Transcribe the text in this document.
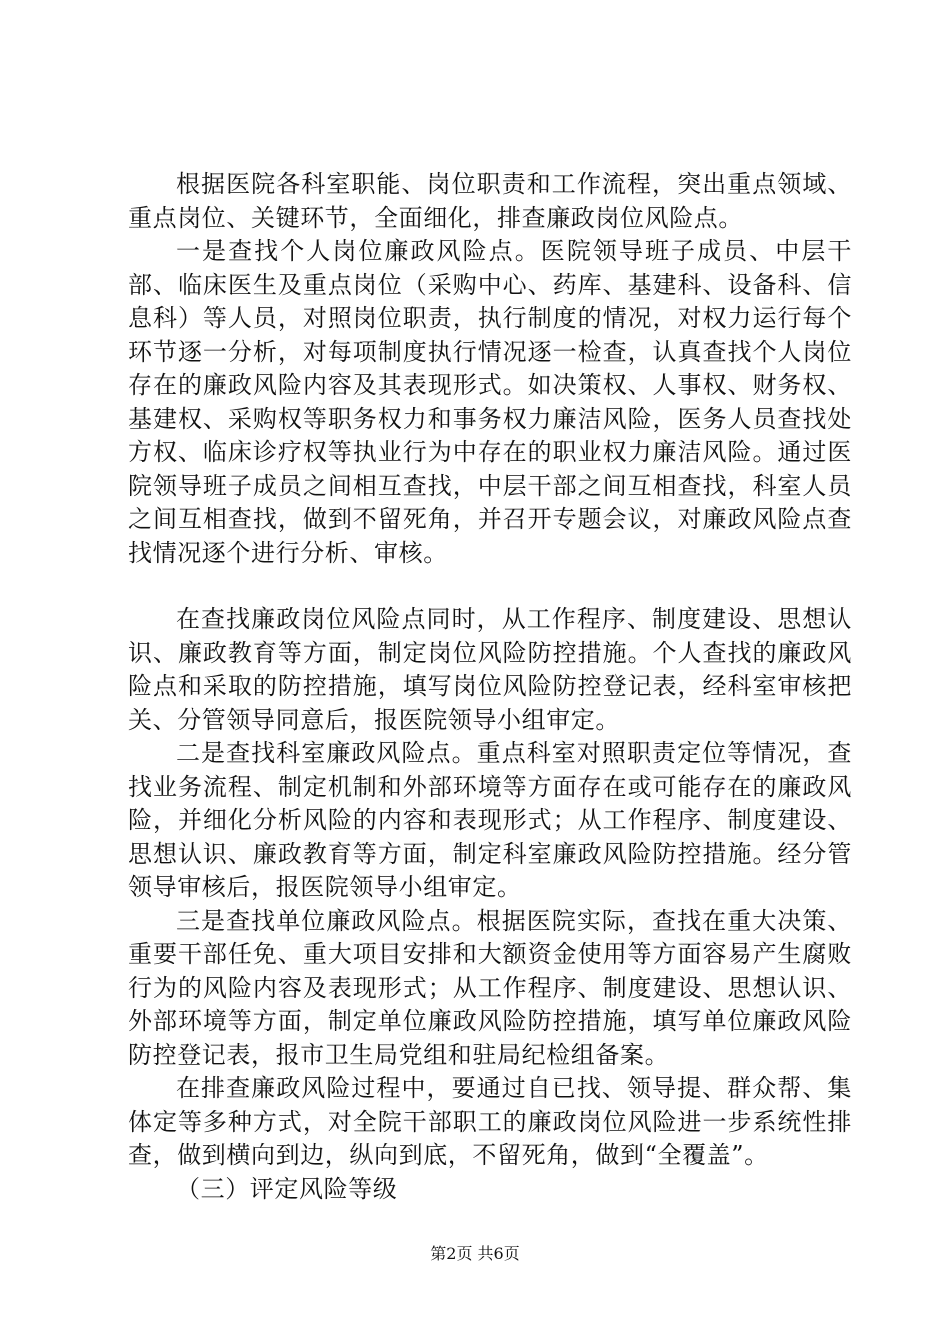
根据医院各科室职能、岗位职责和工作流程，突出重点领域、重点岗位、关键环节，全面细化，排查廉政岗位风险点。

一是查找个人岗位廉政风险点。医院领导班子成员、中层干部、临床医生及重点岗位（采购中心、药库、基建科、设备科、信息科）等人员，对照岗位职责，执行制度的情况，对权力运行每个环节逐一分析，对每项制度执行情况逐一检查，认真查找个人岗位存在的廉政风险内容及其表现形式。如决策权、人事权、财务权、基建权、采购权等职务权力和事务权力廉洁风险，医务人员查找处方权、临床诊疗权等执业行为中存在的职业权力廉洁风险。通过医院领导班子成员之间相互查找，中层干部之间互相查找，科室人员之间互相查找，做到不留死角，并召开专题会议，对廉政风险点查找情况逐个进行分析、审核。

在查找廉政岗位风险点同时，从工作程序、制度建设、思想认识、廉政教育等方面，制定岗位风险防控措施。个人查找的廉政风险点和采取的防控措施，填写岗位风险防控登记表，经科室审核把关、分管领导同意后，报医院领导小组审定。

二是查找科室廉政风险点。重点科室对照职责定位等情况，查找业务流程、制定机制和外部环境等方面存在或可能存在的廉政风险，并细化分析风险的内容和表现形式；从工作程序、制度建设、思想认识、廉政教育等方面，制定科室廉政风险防控措施。经分管领导审核后，报医院领导小组审定。

三是查找单位廉政风险点。根据医院实际，查找在重大决策、重要干部任免、重大项目安排和大额资金使用等方面容易产生腐败行为的风险内容及表现形式；从工作程序、制度建设、思想认识、外部环境等方面，制定单位廉政风险防控措施，填写单位廉政风险防控登记表，报市卫生局党组和驻局纪检组备案。

在排查廉政风险过程中，要通过自已找、领导提、群众帮、集体定等多种方式，对全院干部职工的廉政岗位风险进一步系统性排查，做到横向到边，纵向到底，不留死角，做到“全覆盖”。

（三）评定风险等级

第2页 共6页
